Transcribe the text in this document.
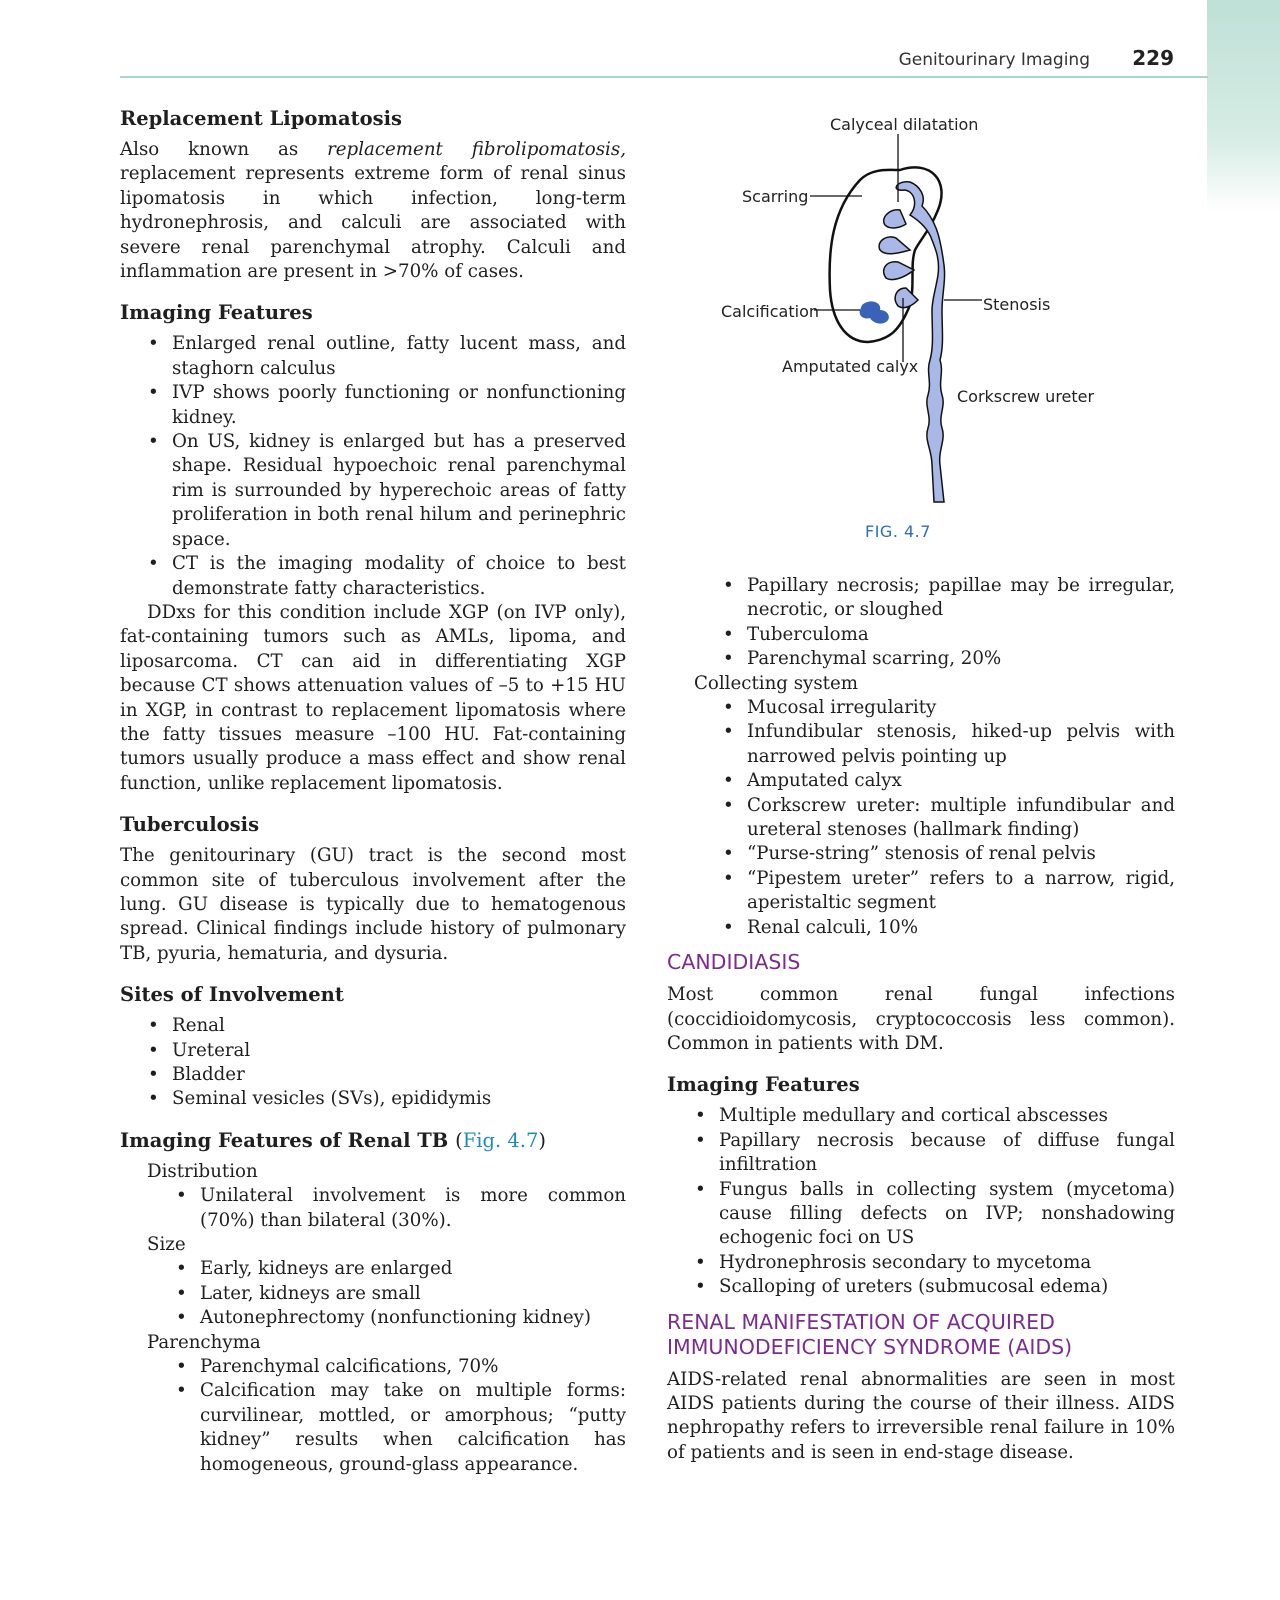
Genitourinary Imaging 229
Replacement Lipomatosis

Also known as replacement fibrolipomatosis, replacement represents extreme form of renal sinus lipomatosis in which infection, long-term hydronephrosis, and calculi are associated with severe renal parenchymal atrophy. Calculi and inflammation are present in >70% of cases.

Imaging Features
• Enlarged renal outline, fatty lucent mass, and staghorn calculus
• IVP shows poorly functioning or nonfunctioning kidney.
• On US, kidney is enlarged but has a preserved shape. Residual hypoechoic renal parenchymal rim is surrounded by hyperechoic areas of fatty proliferation in both renal hilum and perinephric space.
• CT is the imaging modality of choice to best demonstrate fatty characteristics.

DDxs for this condition include XGP (on IVP only), fat-containing tumors such as AMLs, lipoma, and liposarcoma. CT can aid in differentiating XGP because CT shows attenuation values of –5 to +15 HU in XGP, in contrast to replacement lipomatosis where the fatty tissues measure –100 HU. Fat-containing tumors usually produce a mass effect and show renal function, unlike replacement lipomatosis.

Tuberculosis

The genitourinary (GU) tract is the second most common site of tuberculous involvement after the lung. GU disease is typically due to hematogenous spread. Clinical findings include history of pulmonary TB, pyuria, hematuria, and dysuria.

Sites of Involvement
• Renal
• Ureteral
• Bladder
• Seminal vesicles (SVs), epididymis
Imaging Features of Renal TB (Fig. 4.7)

Distribution

• Unilateral involvement is more common (70%) than bilateral (30%).

Size

• Early, kidneys are enlarged
• Later, kidneys are small
• Autonephrectomy (nonfunctioning kidney)

Parenchyma

• Parenchymal calcifications, 70%
• Calcification may take on multiple forms: curvilinear, mottled, or amorphous; “putty kidney” results when calcification has homogeneous, ground-glass appearance.
Calyceal dilatation
Scarring
Calcification	Stenosis
Amputated calyx
Corkscrew ureter
FIG. 4.7
• Papillary necrosis; papillae may be irregular, necrotic, or sloughed
• Tuberculoma
• Parenchymal scarring, 20%

Collecting system

• Mucosal irregularity
• Infundibular stenosis, hiked-up pelvis with narrowed pelvis pointing up
• Amputated calyx
• Corkscrew ureter: multiple infundibular and ureteral stenoses (hallmark finding)
• “Purse-string” stenosis of renal pelvis
• “Pipestem ureter” refers to a narrow, rigid, aperistaltic segment
• Renal calculi, 10%
CANDIDIASIS

Most common renal fungal infections (coccidioidomycosis, cryptococcosis less common). Common in patients with DM.

Imaging Features
• Multiple medullary and cortical abscesses
• Papillary necrosis because of diffuse fungal infiltration
• Fungus balls in collecting system (mycetoma) cause filling defects on IVP; nonshadowing echogenic foci on US
• Hydronephrosis secondary to mycetoma
• Scalloping of ureters (submucosal edema)
RENAL MANIFESTATION OF ACQUIRED IMMUNODEFICIENCY SYNDROME (AIDS)

AIDS-related renal abnormalities are seen in most AIDS patients during the course of their illness. AIDS nephropathy refers to irreversible renal failure in 10% of patients and is seen in end-stage disease.
